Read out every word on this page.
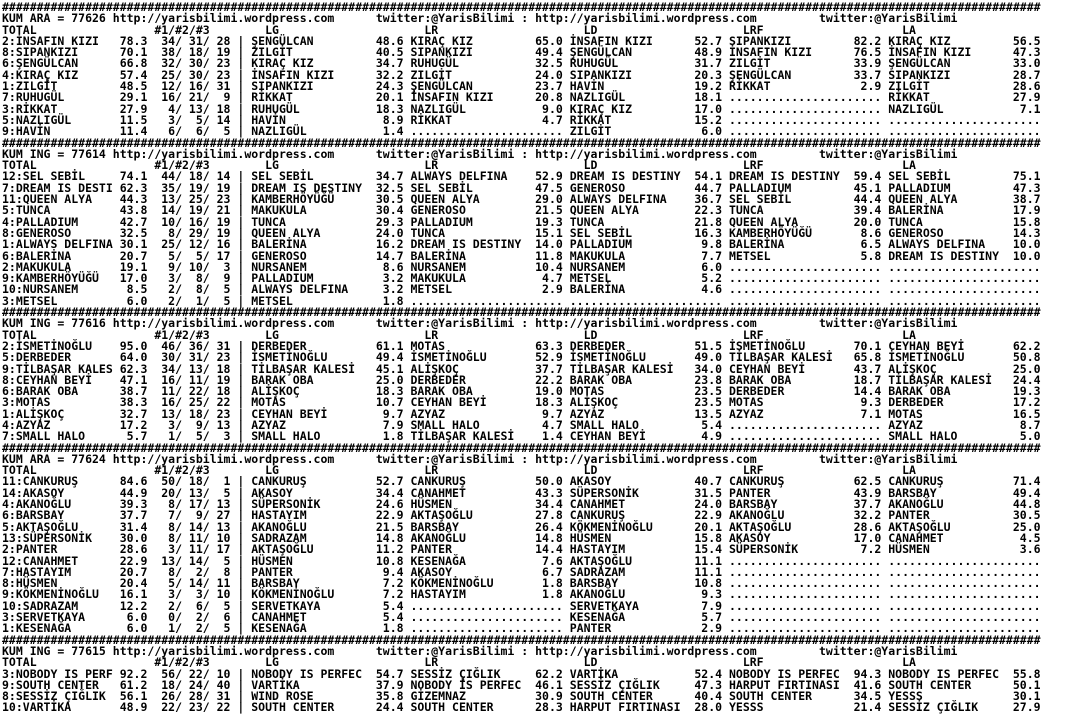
######################################################################################################################################################
KUM ARA = 77626 http://yarisbilimi.wordpress.com      twitter:@YarisBilimi : http://yarisbilimi.wordpress.com         twitter:@YarisBilimi
TOTAL                 #1/#2/#3        LG                     LR                     LD                     LRF                    LA
2:İNSAFIN KIZI   78.3  34/ 31/ 28 | ŞENGÜLCAN         48.6 KIRAÇ KIZ         65.0 İNSAFIN KIZI      52.7 SIPANKIZI         82.2 KIRAÇ KIZ         56.5
8:SIPANKIZI      70.1  38/ 18/ 19 | ZILGİT            40.5 SIPANKIZI         49.4 ŞENGÜLCAN         48.9 İNSAFIN KIZI      76.5 İNSAFIN KIZI      47.3
6:ŞENGÜLCAN      66.8  32/ 30/ 23 | KIRAÇ KIZ         34.7 RUHUGÜL           32.5 RUHUGÜL           31.7 ZILGİT            33.9 ŞENGÜLCAN         33.0
4:KIRAÇ KIZ      57.4  25/ 30/ 23 | İNSAFIN KIZI      32.2 ZILGİT            24.0 SIPANKIZI         20.3 ŞENGÜLCAN         33.7 SIPANKIZI         28.7
1:ZILGİT         48.5  12/ 16/ 31 | SIPANKIZI         24.3 ŞENGÜLCAN         23.7 HAVİN             19.2 RİKKAT             2.9 ZILGİT            28.6
7:RUHUGÜL        29.1  16/ 21/  9 | RİKKAT            20.1 İNSAFIN KIZI      20.8 NAZLIGÜL          18.1 ...................... RİKKAT            27.9
3:RİKKAT         27.9   4/ 13/ 18 | RUHUGÜL           18.3 NAZLIGÜL           9.0 KIRAÇ KIZ         17.0 ...................... NAZLIGÜL           7.1
5:NAZLIGÜL       11.5   3/  5/ 14 | HAVİN              8.9 RİKKAT             4.7 RİKKAT            15.2 ...................... ......................
9:HAVİN          11.4   6/  6/  5 | NAZLIGÜL           1.4 ...................... ZILGİT             6.0 ...................... ......................
######################################################################################################################################################
KUM ING = 77614 http://yarisbilimi.wordpress.com      twitter:@YarisBilimi : http://yarisbilimi.wordpress.com         twitter:@YarisBilimi
TOTAL                 #1/#2/#3        LG                     LR                     LD                     LRF                    LA
12:SEL SEBİL     74.1  44/ 18/ 14 | SEL SEBİL         34.7 ALWAYS DELFINA    52.9 DREAM IS DESTINY  54.1 DREAM IS DESTINY  59.4 SEL SEBİL         75.1
7:DREAM IS DESTI 62.3  35/ 19/ 19 | DREAM IS DESTINY  32.5 SEL SEBİL         47.5 GENEROSO          44.7 PALLADIUM         45.1 PALLADIUM         47.3
11:QUEEN ALYA    44.3  13/ 25/ 23 | KAMBERHÖYÜĞÜ      30.5 QUEEN ALYA        29.0 ALWAYS DELFINA    36.7 SEL SEBİL         44.4 QUEEN ALYA        38.7
5:TUNCA          43.8  14/ 19/ 21 | MAKUKULA          30.4 GENEROSO          21.5 QUEEN ALYA        22.3 TUNCA             39.4 BALERİNA          17.9
4:PALLADIUM      42.7  10/ 16/ 19 | TUNCA             29.3 PALLADIUM         19.3 TUNCA             21.8 QUEEN ALYA        20.0 TUNCA             15.8
8:GENEROSO       32.5   8/ 29/ 19 | QUEEN ALYA        24.0 TUNCA             15.1 SEL SEBİL         16.3 KAMBERHÖYÜĞÜ       8.6 GENEROSO          14.3
1:ALWAYS DELFINA 30.1  25/ 12/ 16 | BALERİNA          16.2 DREAM IS DESTINY  14.0 PALLADIUM          9.8 BALERİNA           6.5 ALWAYS DELFINA    10.0
6:BALERİNA       20.7   5/  5/ 17 | GENEROSO          14.7 BALERİNA          11.8 MAKUKULA           7.7 METSEL             5.8 DREAM IS DESTINY  10.0
2:MAKUKULA       19.1   9/ 10/  3 | NURSANEM           8.6 NURSANEM          10.4 NURSANEM           6.0 ...................... ......................
9:KAMBERHÖYÜĞÜ   17.0   3/  8/  9 | PALLADIUM          3.2 MAKUKULA           4.7 METSEL             5.2 ...................... ......................
10:NURSANEM       8.5   2/  8/  5 | ALWAYS DELFINA     3.2 METSEL             2.9 BALERİNA           4.6 ...................... ......................
3:METSEL          6.0   2/  1/  5 | METSEL             1.8 ...................... ...................... ...................... ......................
######################################################################################################################################################
KUM ING = 77616 http://yarisbilimi.wordpress.com      twitter:@YarisBilimi : http://yarisbilimi.wordpress.com         twitter:@YarisBilimi
TOTAL                 #1/#2/#3        LG                     LR                     LD                     LRF                    LA
2:İSMETİNOĞLU    95.0  46/ 36/ 31 | DERBEDER          61.1 MOTAS             63.3 DERBEDER          51.5 İSMETİNOĞLU       70.1 CEYHAN BEYİ       62.2
5:DERBEDER       64.0  30/ 31/ 23 | İSMETİNOĞLU       49.4 İSMETİNOĞLU       52.9 İSMETİNOĞLU       49.0 TİLBAŞAR KALESİ   65.8 İSMETİNOĞLU       50.8
9:TİLBAŞAR KALES 62.3  34/ 13/ 18 | TİLBAŞAR KALESİ   45.1 ALİŞKOÇ           37.7 TİLBAŞAR KALESİ   34.0 CEYHAN BEYİ       43.7 ALİŞKOÇ           25.0
8:CEYHAN BEYİ    47.1  16/ 11/ 19 | BARAK OBA         25.0 DERBEDER          22.2 BARAK OBA         23.8 BARAK OBA         18.7 TİLBAŞAR KALESİ   24.4
6:BARAK OBA      38.7  11/ 22/ 18 | ALİŞKOÇ           18.3 BARAK OBA         19.0 MOTAS             23.5 DERBEDER          14.4 BARAK OBA         19.3
3:MOTAS          38.3  16/ 25/ 22 | MOTAS             10.7 CEYHAN BEYİ       18.3 ALİŞKOÇ           23.5 MOTAS              9.3 DERBEDER          17.2
1:ALİŞKOÇ        32.7  13/ 18/ 23 | CEYHAN BEYİ        9.7 AZYAZ              9.7 AZYAZ             13.5 AZYAZ              7.1 MOTAS             16.5
4:AZYAZ          17.2   3/  9/ 13 | AZYAZ              7.9 SMALL HALO         4.7 SMALL HALO         5.4 ...................... AZYAZ              8.7
7:SMALL HALO      5.7   1/  5/  3 | SMALL HALO         1.8 TİLBAŞAR KALESİ    1.4 CEYHAN BEYİ        4.9 ...................... SMALL HALO         5.0
######################################################################################################################################################
KUM ARA = 77624 http://yarisbilimi.wordpress.com      twitter:@YarisBilimi : http://yarisbilimi.wordpress.com         twitter:@YarisBilimi
TOTAL                 #1/#2/#3        LG                     LR                     LD                     LRF                    LA
11:CANKURUŞ      84.6  50/ 18/  1 | CANKURUŞ          52.7 CANKURUŞ          50.0 AKASOY            40.7 CANKURUŞ          62.5 CANKURUŞ          71.4
14:AKASOY        44.9  20/ 13/  5 | AKASOY            34.4 CANAHMET          43.3 SÜPERSONİK        31.5 PANTER            43.9 BARSBAY           49.4
4:AKANOĞLU       39.3   8/ 17/ 13 | SÜPERSONİK        24.6 HÜSMEN            34.4 CANAHMET          24.0 BARSBAY           37.7 AKANOĞLU          44.8
6:BARSBAY        37.7   7/  9/ 27 | HASTAYIM          22.9 AKTAŞOĞLU         27.8 CANKURUŞ          22.9 AKANOĞLU          32.2 PANTER            30.5
5:AKTAŞOĞLU      31.4   8/ 14/ 13 | AKANOĞLU          21.5 BARSBAY           26.4 KÖKMENİNOĞLU      20.1 AKTAŞOĞLU         28.6 AKTAŞOĞLU         25.0
13:SÜPERSONİK    30.0   8/ 11/ 10 | SADRAZAM          14.8 AKANOĞLU          14.8 HÜSMEN            15.8 AKASOY            17.0 CANAHMET           4.5
2:PANTER         28.6   3/ 11/ 17 | AKTAŞOĞLU         11.2 PANTER            14.4 HASTAYIM          15.4 SÜPERSONİK         7.2 HÜSMEN             3.6
12:CANAHMET      22.9  13/ 14/  5 | HÜSMEN            10.8 KESENAĞA           7.6 AKTAŞOĞLU         11.1 ...................... ......................
7:HASTAYIM       20.7   8/  2/  8 | PANTER             9.4 AKASOY             6.7 SADRAZAM          11.1 ...................... ......................
8:HÜSMEN         20.4   5/ 14/ 11 | BARSBAY            7.2 KÖKMENİNOĞLU       1.8 BARSBAY           10.8 ...................... ......................
9:KÖKMENİNOĞLU   16.1   3/  3/ 10 | KÖKMENİNOĞLU       7.2 HASTAYIM           1.8 AKANOĞLU           9.3 ...................... ......................
10:SADRAZAM      12.2   2/  6/  5 | SERVETKAYA         5.4 ...................... SERVETKAYA         7.9 ...................... ......................
3:SERVETKAYA      6.0   0/  2/  6 | CANAHMET           5.4 ...................... KESENAĞA           5.7 ...................... ......................
1:KESENAĞA        6.0   1/  2/  5 | KESENAĞA           1.8 ...................... PANTER             2.9 ...................... ......................
######################################################################################################################################################
KUM ING = 77615 http://yarisbilimi.wordpress.com      twitter:@YarisBilimi : http://yarisbilimi.wordpress.com         twitter:@YarisBilimi
TOTAL                 #1/#2/#3        LG                     LR                     LD                     LRF                    LA
3:NOBODY IS PERF 92.2  56/ 22/ 10 | NOBODY IS PERFEC  54.7 SESSİZ ÇIĞLIK     62.2 VARTİKA           52.4 NOBODY IS PERFEC  94.3 NOBODY IS PERFEC  55.8
9:SOUTH CENTER   61.2  18/ 24/ 40 | VARTİKA           37.9 NOBODY İS PERFEC  46.1 SESSİZ ÇIĞLIK     47.3 HARPUT FIRTINASI  41.6 SOUTH CENTER      50.1
8:SESSİZ ÇIĞLIK  56.1  26/ 28/ 31 | WIND ROSE         35.8 GİZEMNAZ          30.9 SOUTH CENTER      40.4 SOUTH CENTER      34.5 YESSS             30.1
10:VARTİKA       48.9  22/ 23/ 22 | SOUTH CENTER      24.4 SOUTH CENTER      28.3 HARPUT FIRTINASI  28.0 YESSS             21.4 SESSİZ ÇIĞLIK     27.9
